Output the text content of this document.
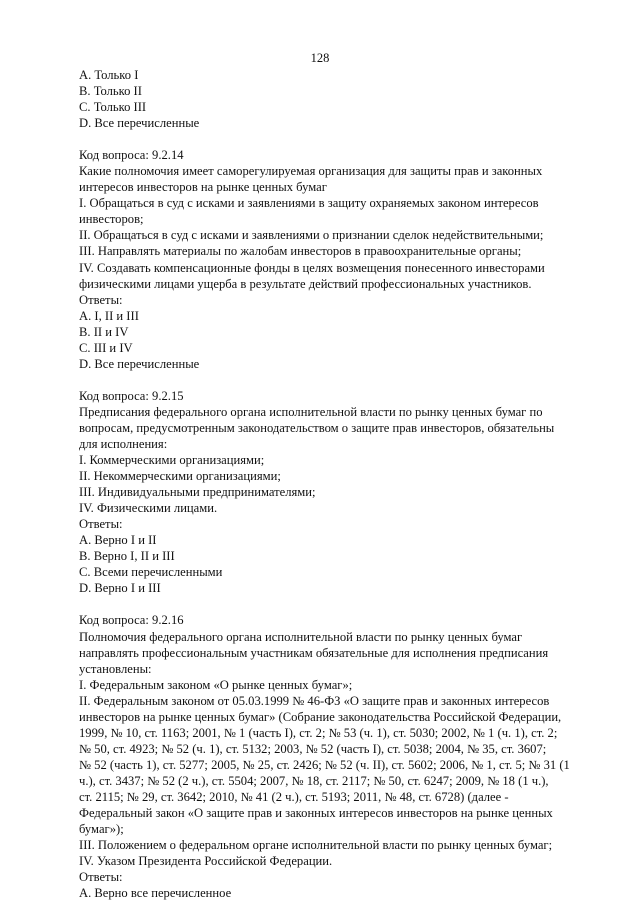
128
A. Только I
B. Только II
C. Только III
D. Все перечисленные
Код вопроса: 9.2.14
Какие полномочия имеет саморегулируемая организация для защиты прав и законных
интересов инвесторов на рынке ценных бумаг
I. Обращаться в суд с исками и заявлениями в защиту охраняемых законом интересов
инвесторов;
II. Обращаться в суд с исками и заявлениями о признании сделок недействительными;
III. Направлять материалы по жалобам инвесторов в правоохранительные органы;
IV. Создавать компенсационные фонды в целях возмещения понесенного инвесторами
физическими лицами ущерба в результате действий профессиональных участников.
Ответы:
A. I, II и III
B. II и IV
C. III и IV
D. Все перечисленные
Код вопроса: 9.2.15
Предписания федерального органа исполнительной власти по рынку ценных бумаг по
вопросам, предусмотренным законодательством о защите прав инвесторов, обязательны
для исполнения:
I. Коммерческими организациями;
II. Некоммерческими организациями;
III. Индивидуальными предпринимателями;
IV. Физическими лицами.
Ответы:
A. Верно I и II
B. Верно I, II и III
C. Всеми перечисленными
D. Верно I и III
Код вопроса: 9.2.16
Полномочия федерального органа исполнительной власти по рынку ценных бумаг
направлять профессиональным участникам обязательные для исполнения предписания
установлены:
I. Федеральным законом «О рынке ценных бумаг»;
II. Федеральным законом от 05.03.1999 № 46-ФЗ «О защите прав и законных интересов
инвесторов на рынке ценных бумаг» (Собрание законодательства Российской Федерации,
1999, № 10, ст. 1163; 2001, № 1 (часть I), ст. 2; № 53 (ч. 1), ст. 5030; 2002, № 1 (ч. 1), ст. 2;
№ 50, ст. 4923; № 52 (ч. 1), ст. 5132; 2003, № 52 (часть I), ст. 5038; 2004, № 35, ст. 3607;
№ 52 (часть 1), ст. 5277; 2005, № 25, ст. 2426; № 52 (ч. II), ст. 5602; 2006, № 1, ст. 5; № 31 (1
ч.), ст. 3437; № 52 (2 ч.), ст. 5504; 2007, № 18, ст. 2117; № 50, ст. 6247; 2009, № 18 (1 ч.),
ст. 2115; № 29, ст. 3642; 2010, № 41 (2 ч.), ст. 5193; 2011, № 48, ст. 6728) (далее -
Федеральный закон «О защите прав и законных интересов инвесторов на рынке ценных
бумаг»);
III. Положением о федеральном органе исполнительной власти по рынку ценных бумаг;
IV. Указом Президента Российской Федерации.
Ответы:
A. Верно все перечисленное
